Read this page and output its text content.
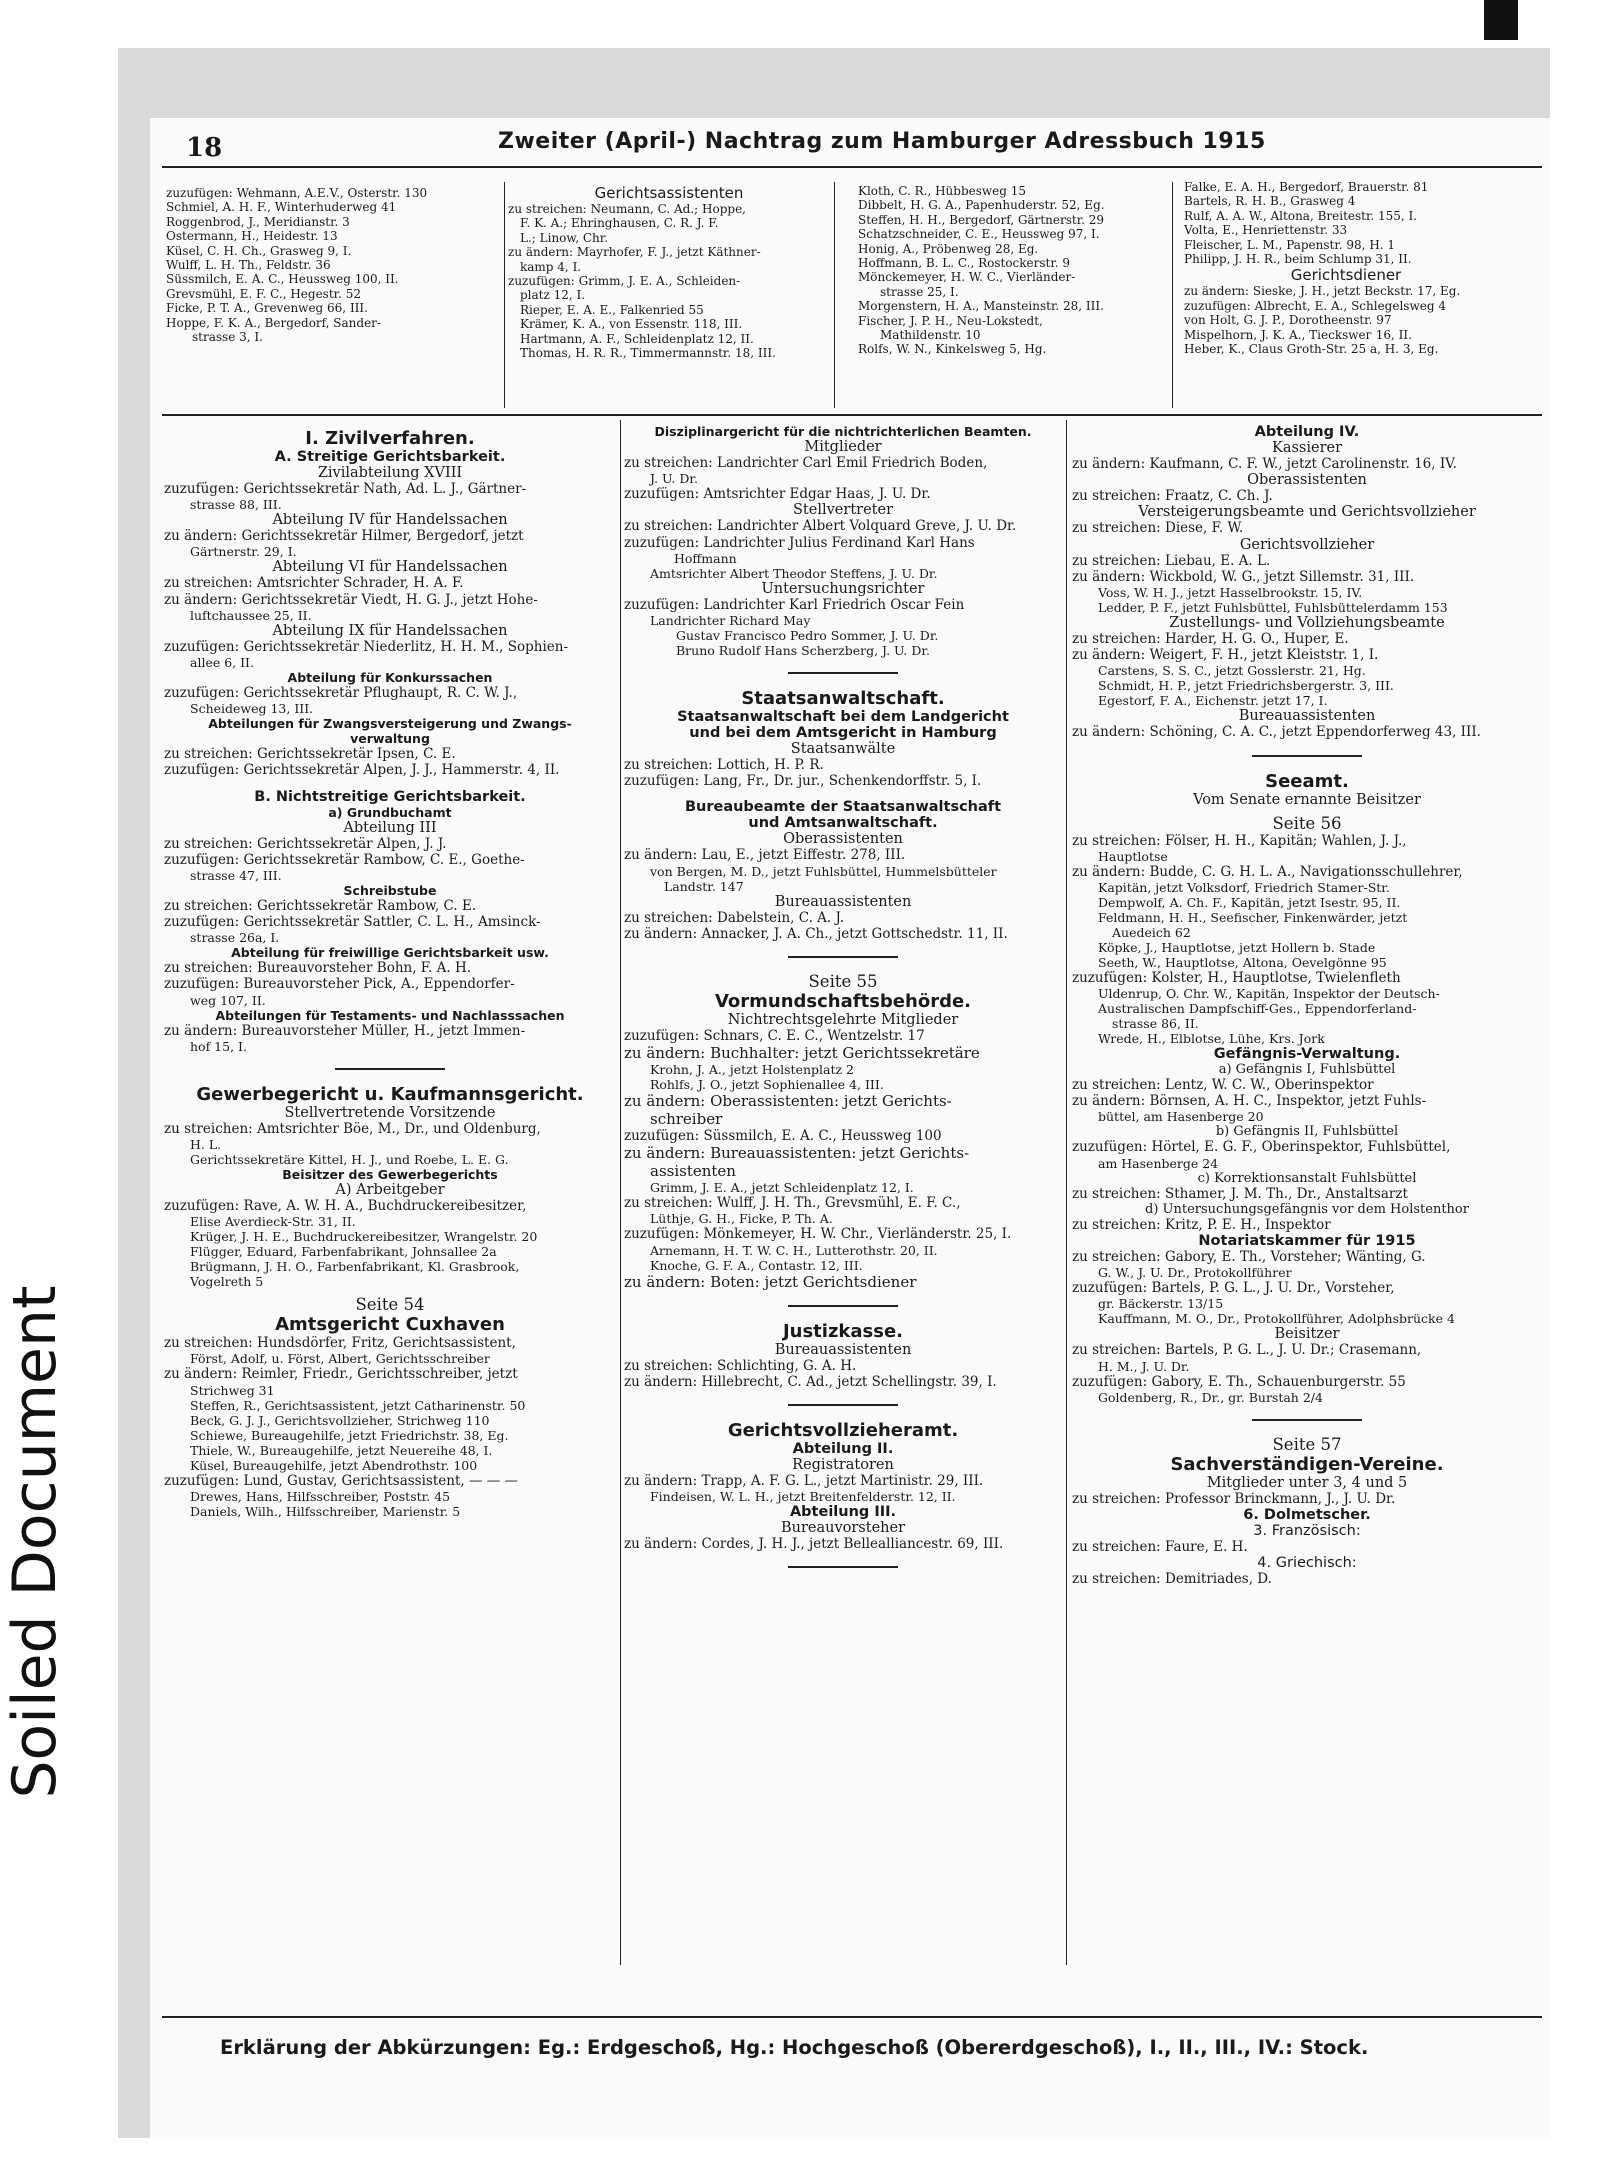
Soiled Document
18	Zweiter (April-) Nachtrag zum Hamburger Adressbuch 1915
zuzufügen: Wehmann, A.E.V., Osterstr. 130
Schmiel, A. H. F., Winterhuderweg 41
Roggenbrod, J., Meridianstr. 3
Ostermann, H., Heidestr. 13
Küsel, C. H. Ch., Grasweg 9, I.
Wulff, L. H. Th., Feldstr. 36
Süssmilch, E. A. C., Heussweg 100, II.
Grevsmühl, E. F. C., Hegestr. 52
Ficke, P. T. A., Grevenweg 66, III.
Hoppe, F. K. A., Bergedorf, Sander-
strasse 3, I.
Gerichtsassistenten
zu streichen: Neumann, C. Ad.; Hoppe,
F. K. A.; Ehringhausen, C. R. J. F.
L.; Linow, Chr.
zu ändern: Mayrhofer, F. J., jetzt Käthner-
kamp 4, I.
zuzufügen: Grimm, J. E. A., Schleiden-
platz 12, I.
Rieper, E. A. E., Falkenried 55
Krämer, K. A., von Essenstr. 118, III.
Hartmann, A. F., Schleidenplatz 12, II.
Thomas, H. R. R., Timmermannstr. 18, III.
Kloth, C. R., Hübbesweg 15
Dibbelt, H. G. A., Papenhuderstr. 52, Eg.
Steffen, H. H., Bergedorf, Gärtnerstr. 29
Schatzschneider, C. E., Heussweg 97, I.
Honig, A., Pröbenweg 28, Eg.
Hoffmann, B. L. C., Rostockerstr. 9
Mönckemeyer, H. W. C., Vierländer-
strasse 25, I.
Morgenstern, H. A., Mansteinstr. 28, III.
Fischer, J. P. H., Neu-Lokstedt,
Mathildenstr. 10
Rolfs, W. N., Kinkelsweg 5, Hg.
Falke, E. A. H., Bergedorf, Brauerstr. 81
Bartels, R. H. B., Grasweg 4
Rulf, A. A. W., Altona, Breitestr. 155, I.
Volta, E., Henriettenstr. 33
Fleischer, L. M., Papenstr. 98, H. 1
Philipp, J. H. R., beim Schlump 31, II.
Gerichtsdiener
zu ändern: Sieske, J. H., jetzt Beckstr. 17, Eg.
zuzufügen: Albrecht, E. A., Schlegelsweg 4
von Holt, G. J. P., Dorotheenstr. 97
Mispelhorn, J. K. A., Tieckswег 16, II.
Heber, K., Claus Groth-Str. 25 a, H. 3, Eg.
I. Zivilverfahren.
A. Streitige Gerichtsbarkeit.
Zivilabteilung XVIII
zuzufügen: Gerichtssekretär Nath, Ad. L. J., Gärtner-
strasse 88, III.
Abteilung IV für Handelssachen
zu ändern: Gerichtssekretär Hilmer, Bergedorf, jetzt
Gärtnerstr. 29, I.
Abteilung VI für Handelssachen
zu streichen: Amtsrichter Schrader, H. A. F.
zu ändern: Gerichtssekretär Viedt, H. G. J., jetzt Hohe-
luftchaussee 25, II.
Abteilung IX für Handelssachen
zuzufügen: Gerichtssekretär Niederlitz, H. H. M., Sophien-
allee 6, II.
Abteilung für Konkurssachen
zuzufügen: Gerichtssekretär Pflughaupt, R. C. W. J.,
Scheideweg 13, III.
Abteilungen für Zwangsversteigerung und Zwangs-
verwaltung
zu streichen: Gerichtssekretär Ipsen, C. E.
zuzufügen: Gerichtssekretär Alpen, J. J., Hammerstr. 4, II.
B. Nichtstreitige Gerichtsbarkeit.
a) Grundbuchamt
Abteilung III
zu streichen: Gerichtssekretär Alpen, J. J.
zuzufügen: Gerichtssekretär Rambow, C. E., Goethe-
strasse 47, III.
Schreibstube
zu streichen: Gerichtssekretär Rambow, C. E.
zuzufügen: Gerichtssekretär Sattler, C. L. H., Amsinck-
strasse 26a, I.
Abteilung für freiwillige Gerichtsbarkeit usw.
zu streichen: Bureauvorsteher Bohn, F. A. H.
zuzufügen: Bureauvorsteher Pick, A., Eppendorfer-
weg 107, II.
Abteilungen für Testaments- und Nachlasssachen
zu ändern: Bureauvorsteher Müller, H., jetzt Immen-
hof 15, I.
Gewerbegericht u. Kaufmannsgericht.
Stellvertretende Vorsitzende
zu streichen: Amtsrichter Böe, M., Dr., und Oldenburg,
H. L.
Gerichtssekretäre Kittel, H. J., und Roebe, L. E. G.
Beisitzer des Gewerbegerichts
A) Arbeitgeber
zuzufügen: Rave, A. W. H. A., Buchdruckereibesitzer,
Elise Averdieck-Str. 31, II.
Krüger, J. H. E., Buchdruckereibesitzer, Wrangelstr. 20
Flügger, Eduard, Farbenfabrikant, Johnsallee 2a
Brügmann, J. H. O., Farbenfabrikant, Kl. Grasbrook,
Vogelreth 5
Seite 54
Amtsgericht Cuxhaven
zu streichen: Hundsdörfer, Fritz, Gerichtsassistent,
Först, Adolf, u. Först, Albert, Gerichtsschreiber
zu ändern: Reimler, Friedr., Gerichtsschreiber, jetzt
Strichweg 31
Steffen, R., Gerichtsassistent, jetzt Catharinenstr. 50
Beck, G. J. J., Gerichtsvollzieher, Strichweg 110
Schiewe, Bureaugehilfe, jetzt Friedrichstr. 38, Eg.
Thiele, W., Bureaugehilfe, jetzt Neuereihe 48, I.
Küsel, Bureaugehilfe, jetzt Abendrothstr. 100
zuzufügen: Lund, Gustav, Gerichtsassistent, — — —
Drewes, Hans, Hilfsschreiber, Poststr. 45
Daniels, Wilh., Hilfsschreiber, Marienstr. 5
Disziplinargericht für die nichtrichterlichen Beamten.
Mitglieder
zu streichen: Landrichter Carl Emil Friedrich Boden,
J. U. Dr.
zuzufügen: Amtsrichter Edgar Haas, J. U. Dr.
Stellvertreter
zu streichen: Landrichter Albert Volquard Greve, J. U. Dr.
zuzufügen: Landrichter Julius Ferdinand Karl Hans
Hoffmann
Amtsrichter Albert Theodor Steffens, J. U. Dr.
Untersuchungsrichter
zuzufügen: Landrichter Karl Friedrich Oscar Fein
Landrichter Richard May
Gustav Francisco Pedro Sommer, J. U. Dr.
Bruno Rudolf Hans Scherzberg, J. U. Dr.
Staatsanwaltschaft.
Staatsanwaltschaft bei dem Landgericht
und bei dem Amtsgericht in Hamburg
Staatsanwälte
zu streichen: Lottich, H. P. R.
zuzufügen: Lang, Fr., Dr. jur., Schenkendorffstr. 5, I.
Bureaubeamte der Staatsanwaltschaft
und Amtsanwaltschaft.
Oberassistenten
zu ändern: Lau, E., jetzt Eiffestr. 278, III.
von Bergen, M. D., jetzt Fuhlsbüttel, Hummelsbütteler
Landstr. 147
Bureauassistenten
zu streichen: Dabelstein, C. A. J.
zu ändern: Annacker, J. A. Ch., jetzt Gottschedstr. 11, II.
Seite 55
Vormundschaftsbehörde.
Nichtrechtsgelehrte Mitglieder
zuzufügen: Schnars, C. E. C., Wentzelstr. 17
zu ändern: Buchhalter: jetzt Gerichtssekretäre
Krohn, J. A., jetzt Holstenplatz 2
Rohlfs, J. O., jetzt Sophienallee 4, III.
zu ändern: Oberassistenten: jetzt Gerichts-
schreiber
zuzufügen: Süssmilch, E. A. C., Heussweg 100
zu ändern: Bureauassistenten: jetzt Gerichts-
assistenten
Grimm, J. E. A., jetzt Schleidenplatz 12, I.
zu streichen: Wulff, J. H. Th., Grevsmühl, E. F. C.,
Lüthje, G. H., Ficke, P. Th. A.
zuzufügen: Mönkemeyer, H. W. Chr., Vierländerstr. 25, I.
Arnemann, H. T. W. C. H., Lutterothstr. 20, II.
Knoche, G. F. A., Contastr. 12, III.
zu ändern: Boten: jetzt Gerichtsdiener
Justizkasse.
Bureauassistenten
zu streichen: Schlichting, G. A. H.
zu ändern: Hillebrecht, C. Ad., jetzt Schellingstr. 39, I.
Gerichtsvollzieheramt.
Abteilung II.
Registratoren
zu ändern: Trapp, A. F. G. L., jetzt Martinistr. 29, III.
Findeisen, W. L. H., jetzt Breitenfelderstr. 12, II.
Abteilung III.
Bureauvorsteher
zu ändern: Cordes, J. H. J., jetzt Bellealliancestr. 69, III.
Abteilung IV.
Kassierer
zu ändern: Kaufmann, C. F. W., jetzt Carolinenstr. 16, IV.
Oberassistenten
zu streichen: Fraatz, C. Ch. J.
Versteigerungsbeamte und Gerichtsvollzieher
zu streichen: Diese, F. W.
Gerichtsvollzieher
zu streichen: Liebau, E. A. L.
zu ändern: Wickbold, W. G., jetzt Sillemstr. 31, III.
Voss, W. H. J., jetzt Hasselbrookstr. 15, IV.
Ledder, P. F., jetzt Fuhlsbüttel, Fuhlsbüttelerdamm 153
Zustellungs- und Vollziehungsbeamte
zu streichen: Harder, H. G. O., Huper, E.
zu ändern: Weigert, F. H., jetzt Kleiststr. 1, I.
Carstens, S. S. C., jetzt Gosslerstr. 21, Hg.
Schmidt, H. P., jetzt Friedrichsbergerstr. 3, III.
Egestorf, F. A., Eichenstr. jetzt 17, I.
Bureauassistenten
zu ändern: Schöning, C. A. C., jetzt Eppendorferweg 43, III.
Seeamt.
Vom Senate ernannte Beisitzer
Seite 56
zu streichen: Fölser, H. H., Kapitän; Wahlen, J. J.,
Hauptlotse
zu ändern: Budde, C. G. H. L. A., Navigationsschullehrer,
Kapitän, jetzt Volksdorf, Friedrich Stamer-Str.
Dempwolf, A. Ch. F., Kapitän, jetzt Isestr. 95, II.
Feldmann, H. H., Seefischer, Finkenwärder, jetzt
Auedeich 62
Köpke, J., Hauptlotse, jetzt Hollern b. Stade
Seeth, W., Hauptlotse, Altona, Oevelgönne 95
zuzufügen: Kolster, H., Hauptlotse, Twielenfleth
Uldenrup, O. Chr. W., Kapitän, Inspektor der Deutsch-
Australischen Dampfschiff-Ges., Eppendorferland-
strasse 86, II.
Wrede, H., Elblotse, Lühe, Krs. Jork
Gefängnis-Verwaltung.
a) Gefängnis I, Fuhlsbüttel
zu streichen: Lentz, W. C. W., Oberinspektor
zu ändern: Börnsen, A. H. C., Inspektor, jetzt Fuhls-
büttel, am Hasenberge 20
b) Gefängnis II, Fuhlsbüttel
zuzufügen: Hörtel, E. G. F., Oberinspektor, Fuhlsbüttel,
am Hasenberge 24
c) Korrektionsanstalt Fuhlsbüttel
zu streichen: Sthamer, J. M. Th., Dr., Anstaltsarzt
d) Untersuchungsgefängnis vor dem Holstenthor
zu streichen: Kritz, P. E. H., Inspektor
Notariatskammer für 1915
zu streichen: Gabory, E. Th., Vorsteher; Wänting, G.
G. W., J. U. Dr., Protokollführer
zuzufügen: Bartels, P. G. L., J. U. Dr., Vorsteher,
gr. Bäckerstr. 13/15
Kauffmann, M. O., Dr., Protokollführer, Adolphsbrücke 4
Beisitzer
zu streichen: Bartels, P. G. L., J. U. Dr.; Crasemann,
H. M., J. U. Dr.
zuzufügen: Gabory, E. Th., Schauenburgerstr. 55
Goldenberg, R., Dr., gr. Burstah 2/4
Seite 57
Sachverständigen-Vereine.
Mitglieder unter 3, 4 und 5
zu streichen: Professor Brinckmann, J., J. U. Dr.
6. Dolmetscher.
3. Französisch:
zu streichen: Faure, E. H.
4. Griechisch:
zu streichen: Demitriades, D.
Erklärung der Abkürzungen: Eg.: Erdgeschoß, Hg.: Hochgeschoß (Obererdgeschoß), I., II., III., IV.: Stock.
